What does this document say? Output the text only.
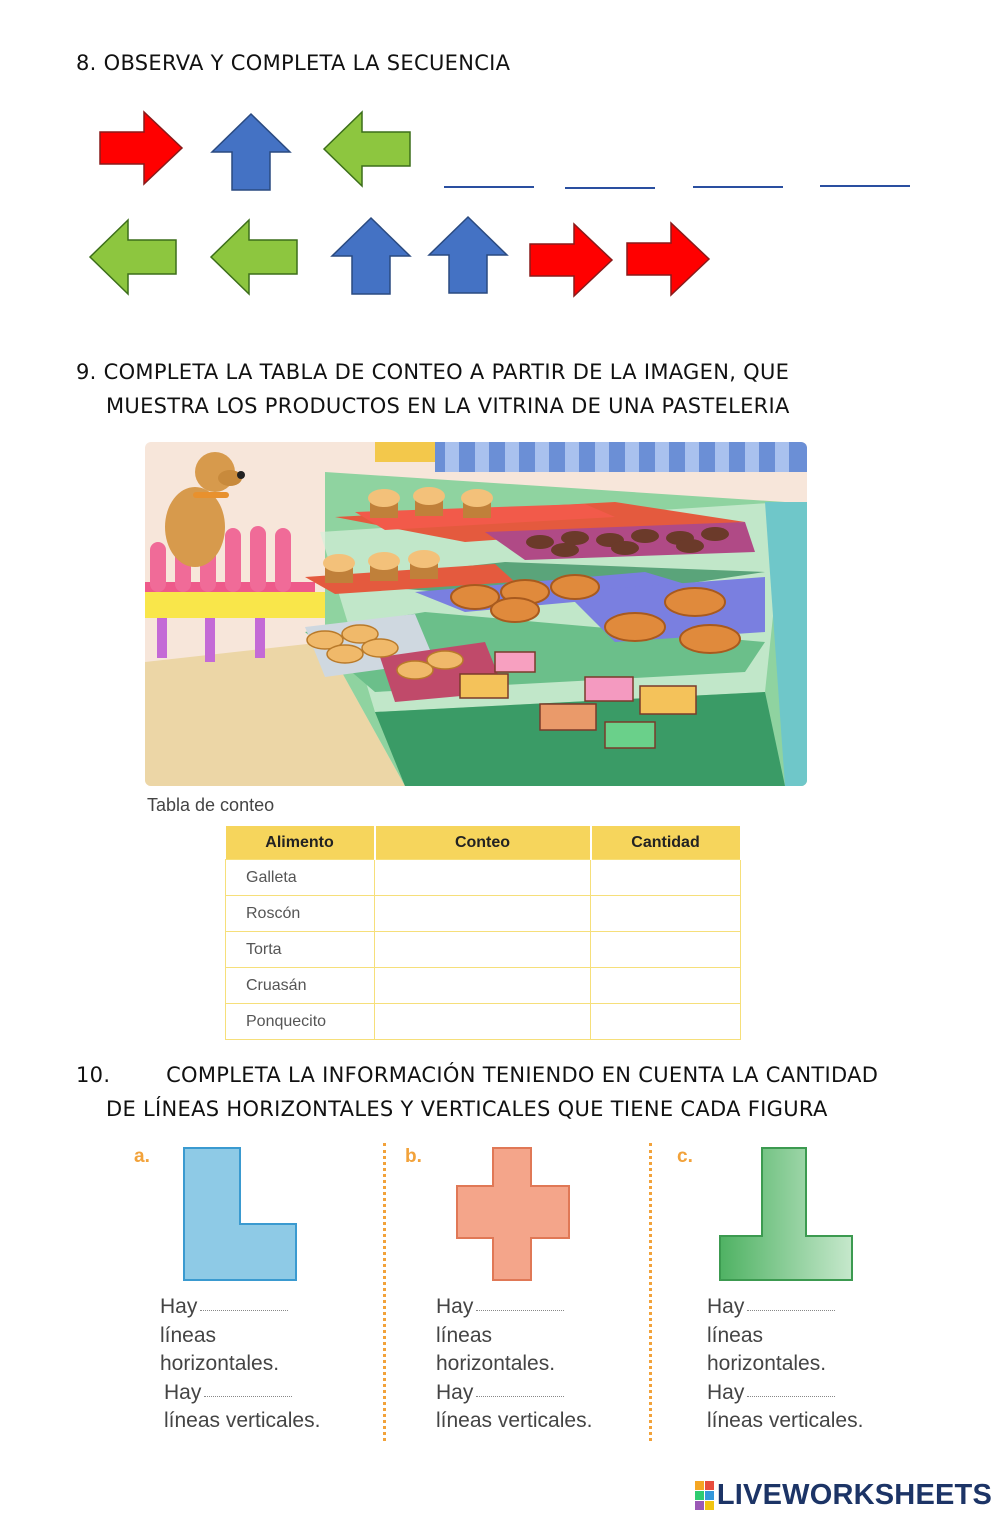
8. OBSERVA Y COMPLETA LA SECUENCIA
9. COMPLETA LA TABLA DE CONTEO A PARTIR DE LA IMAGEN, QUE
MUESTRA LOS PRODUCTOS EN LA VITRINA DE UNA PASTELERIA
Tabla de conteo
Alimento	Conteo	Cantidad
Galleta		
Roscón		
Torta		
Cruasán		
Ponquecito		
10.        COMPLETA LA INFORMACIÓN TENIENDO EN CUENTA LA CANTIDAD
DE LÍNEAS HORIZONTALES Y VERTICALES QUE TIENE CADA FIGURA
a.
Hay
líneas
horizontales.
Hay
líneas verticales.
b.
Hay
líneas
horizontales.
Hay
líneas verticales.
c.
Hay
líneas
horizontales.
Hay
líneas verticales.
LIVEWORKSHEETS
